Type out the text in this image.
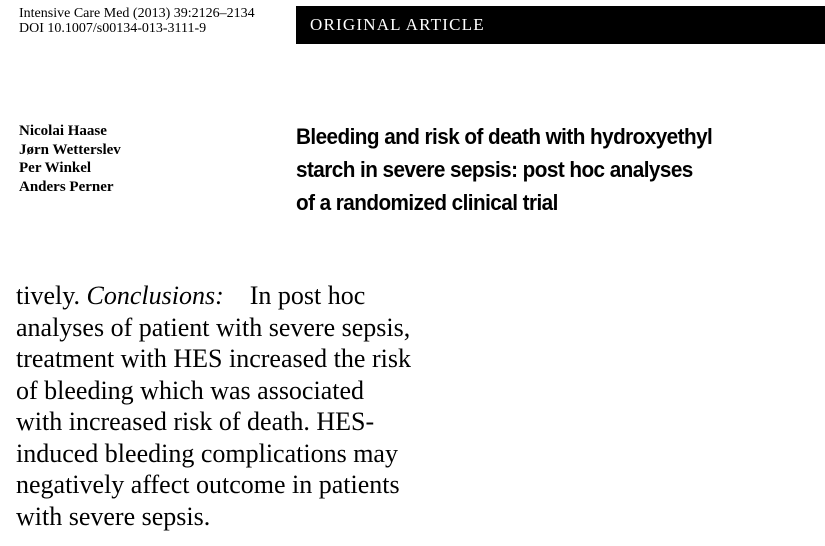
Intensive Care Med (2013) 39:2126–2134
DOI 10.1007/s00134-013-3111-9	ORIGINAL ARTICLE
Nicolai Haase
Jørn Wetterslev
Per Winkel
Anders Perner
Bleeding and risk of death with hydroxyethyl
starch in severe sepsis: post hoc analyses
of a randomized clinical trial
tively. Conclusions: In post hoc
analyses of patient with severe sepsis,
treatment with HES increased the risk
of bleeding which was associated
with increased risk of death. HES-
induced bleeding complications may
negatively affect outcome in patients
with severe sepsis.
